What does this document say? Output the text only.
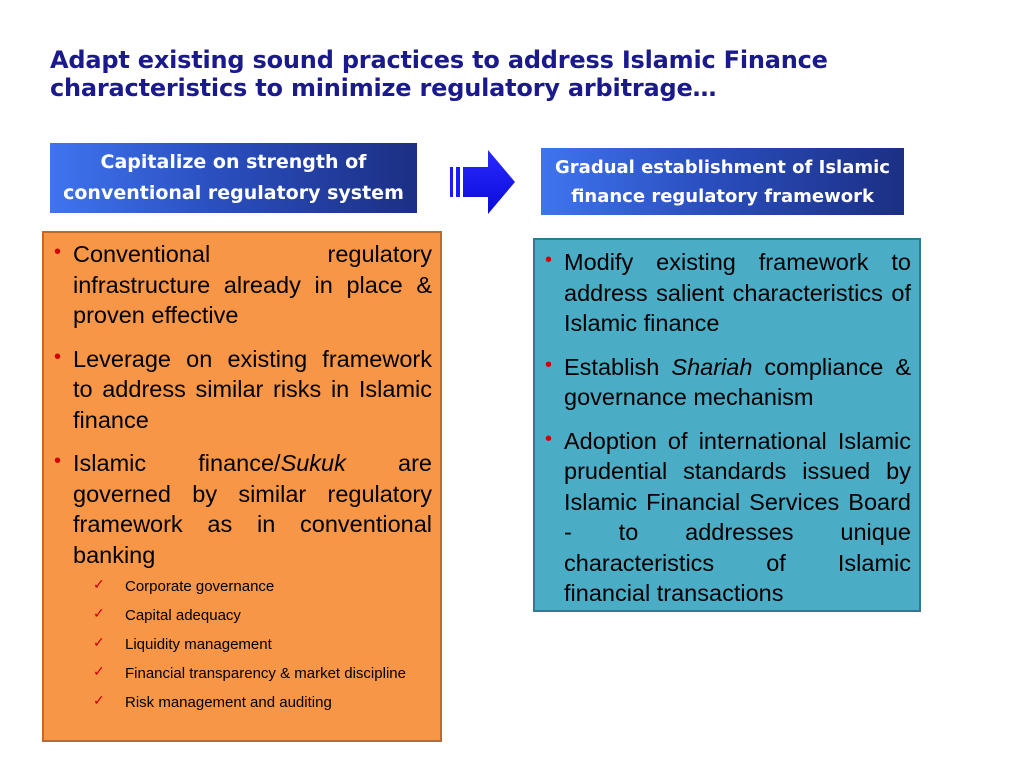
Adapt existing sound practices to address Islamic Finance
characteristics to minimize regulatory arbitrage…
Capitalize on strength of
conventional regulatory system
Gradual establishment of Islamic
finance regulatory framework
• Conventional regulatory infrastructure already in place & proven effective
• Leverage on existing framework to address similar risks in Islamic finance
• Islamic finance/Sukuk are governed by similar regulatory framework as in conventional banking
✓ Corporate governance
✓ Capital adequacy
✓ Liquidity management
✓ Financial transparency & market discipline
✓ Risk management and auditing
• Modify existing framework to address salient characteristics of Islamic finance
• Establish Shariah compliance & governance mechanism
• Adoption of international Islamic prudential standards issued by Islamic Financial Services Board - to addresses unique characteristics of Islamic financial transactions
